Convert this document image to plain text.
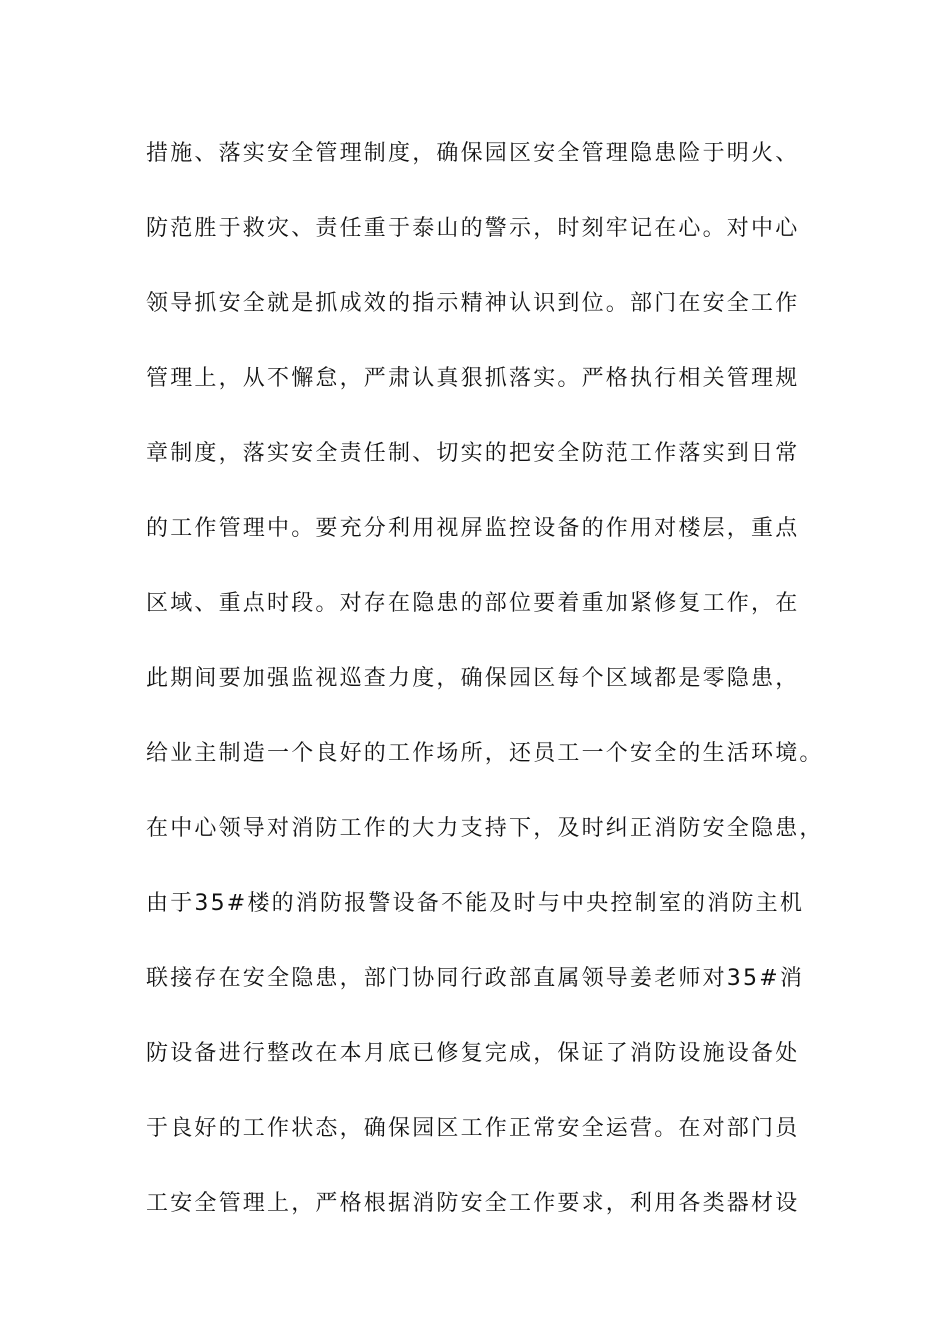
措施、落实安全管理制度，确保园区安全管理隐患险于明火、
防范胜于救灾、责任重于泰山的警示，时刻牢记在心。对中心
领导抓安全就是抓成效的指示精神认识到位。部门在安全工作
管理上，从不懈怠，严肃认真狠抓落实。严格执行相关管理规
章制度，落实安全责任制、切实的把安全防范工作落实到日常
的工作管理中。要充分利用视屏监控设备的作用对楼层，重点
区域、重点时段。对存在隐患的部位要着重加紧修复工作，在
此期间要加强监视巡查力度，确保园区每个区域都是零隐患，
给业主制造一个良好的工作场所，还员工一个安全的生活环境。
在中心领导对消防工作的大力支持下，及时纠正消防安全隐患，
由于35#楼的消防报警设备不能及时与中央控制室的消防主机
联接存在安全隐患，部门协同行政部直属领导姜老师对35#消
防设备进行整改在本月底已修复完成，保证了消防设施设备处
于良好的工作状态，确保园区工作正常安全运营。在对部门员
工安全管理上，严格根据消防安全工作要求，利用各类器材设
